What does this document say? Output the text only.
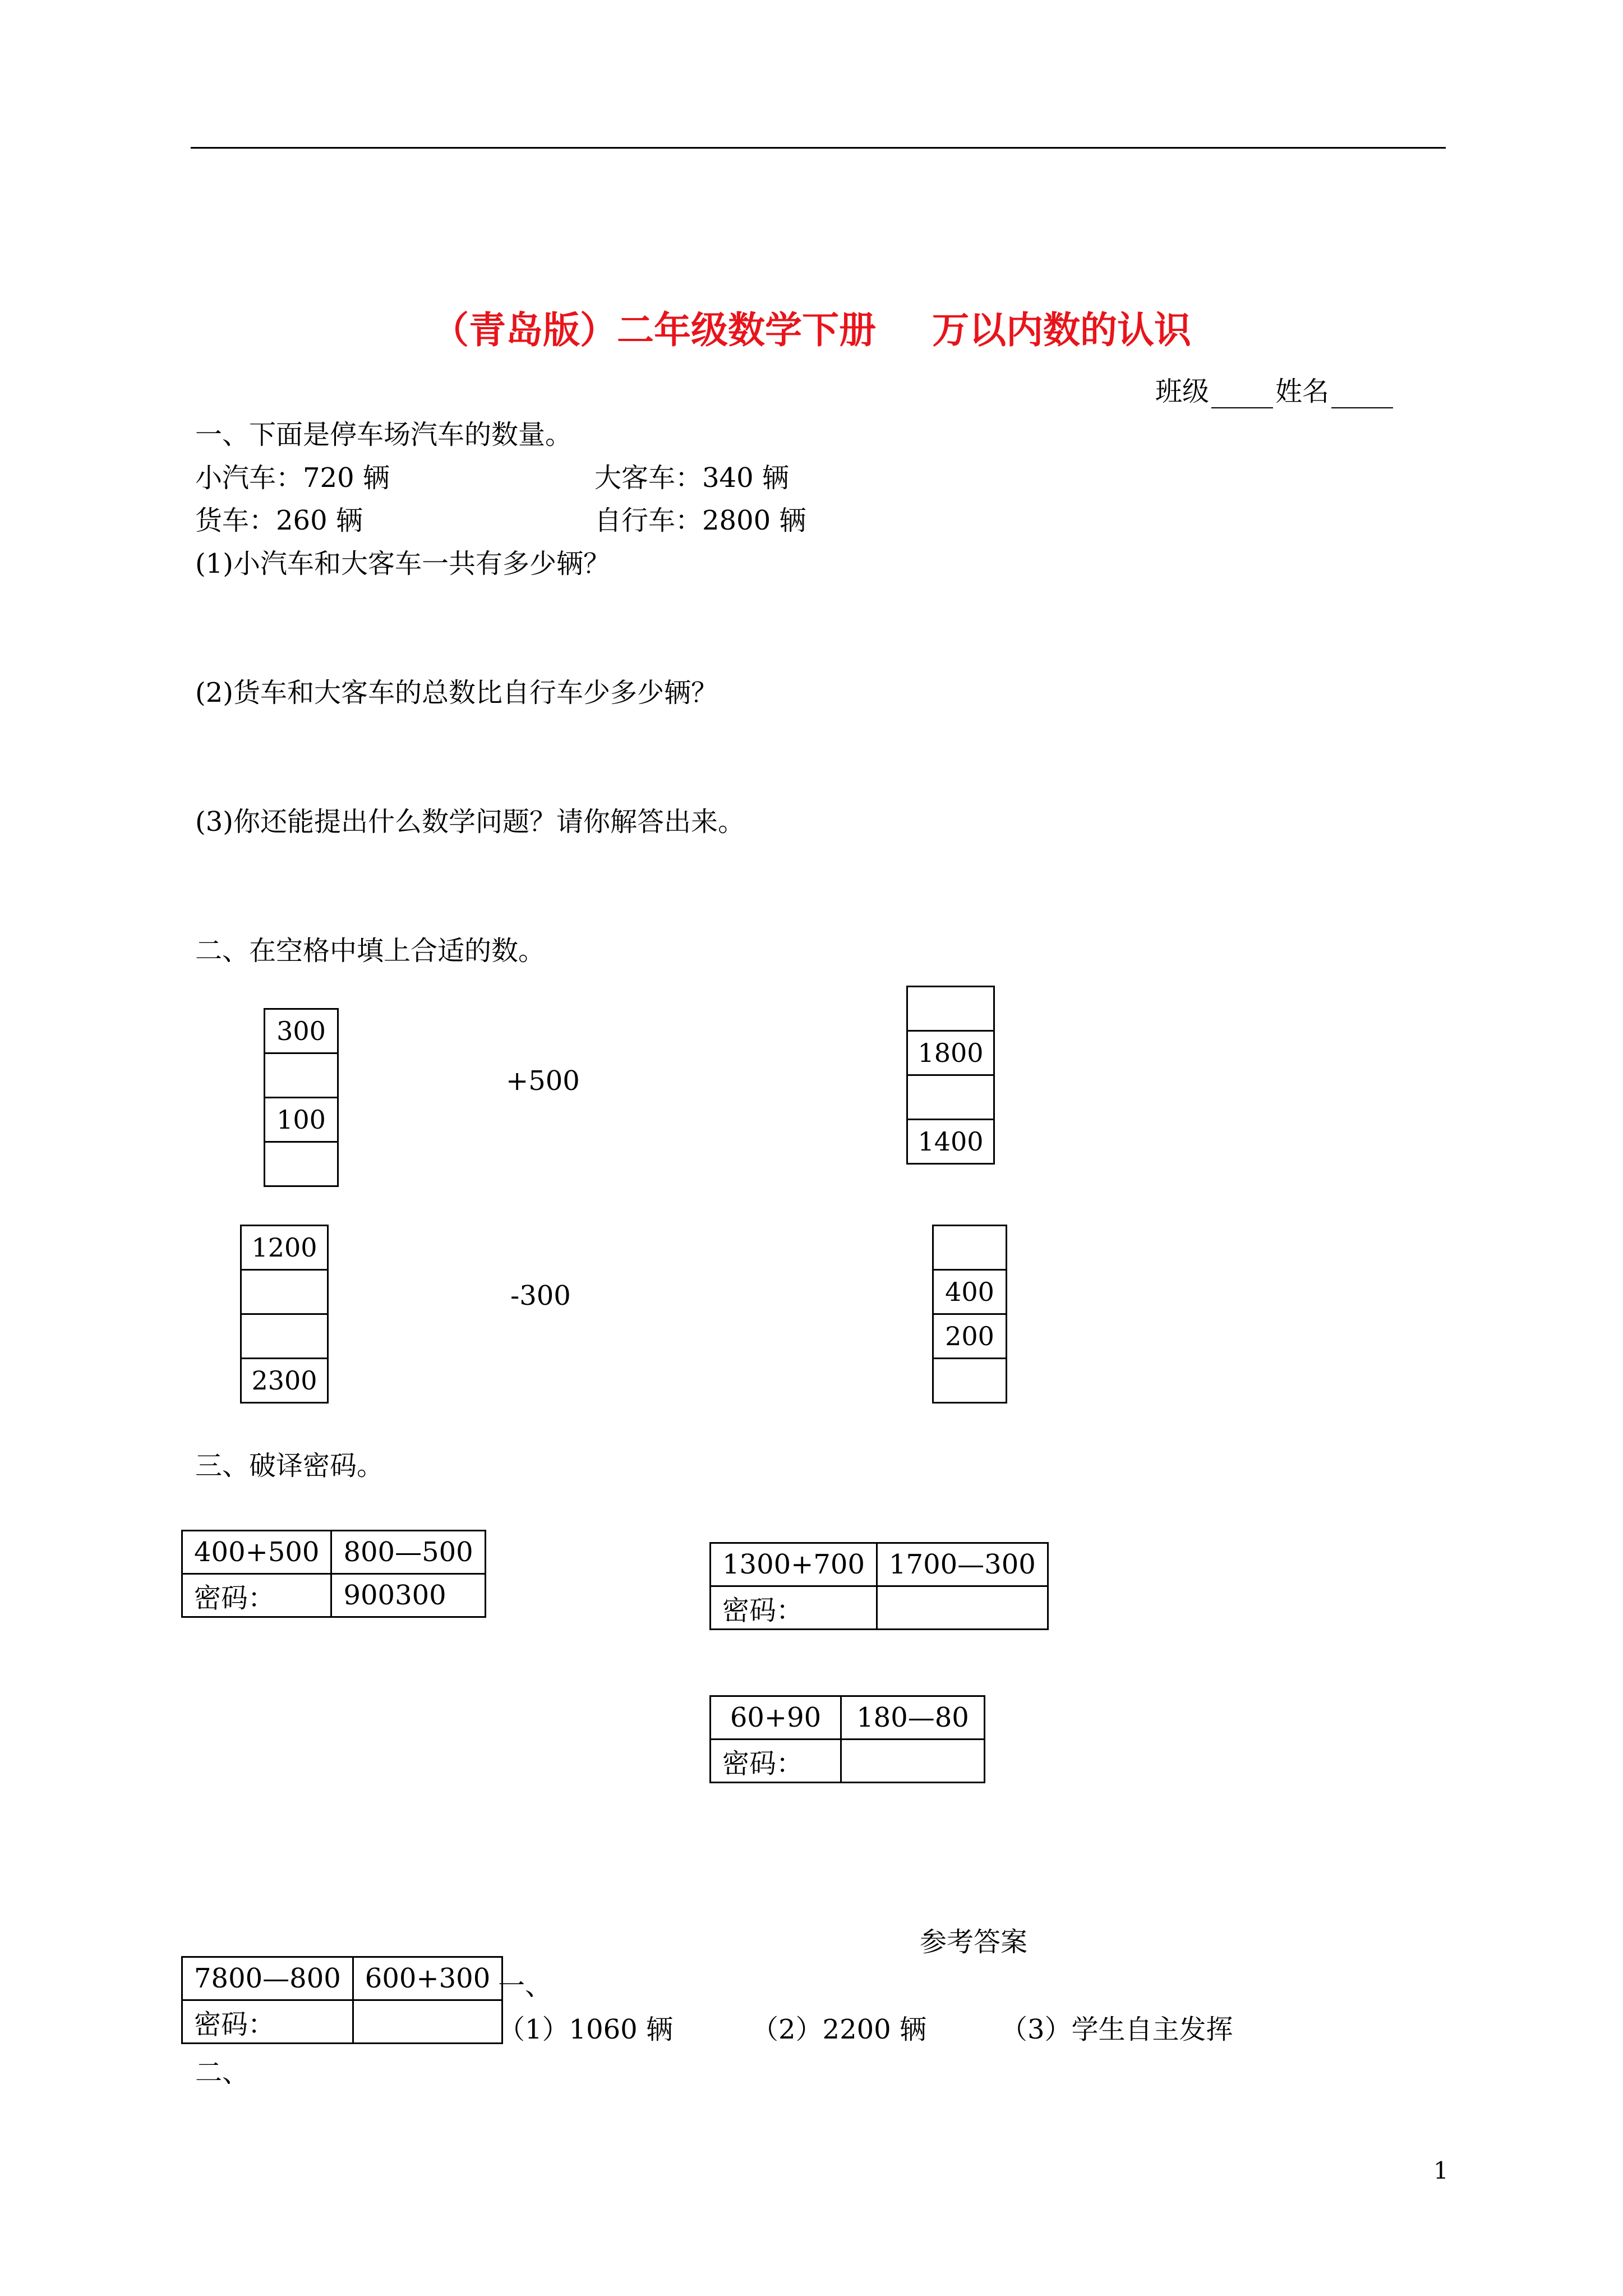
（青岛版）二年级数学下册 万以内数的认识
班级 姓名
一、下面是停车场汽车的数量。
小汽车：720 辆	大客车：340 辆
货车：260 辆	自行车：2800 辆
(1)小汽车和大客车一共有多少辆？
(2)货车和大客车的总数比自行车少多少辆？
(3)你还能提出什么数学问题？请你解答出来。
二、在空格中填上合适的数。
300
100
+500
1800
1400
1200
2300
-300	400
200
三、破译密码。
400+500	800—500
密码：	900300
1300+700	1700—300
密码：	
60+90	180—80
密码：	
参考答案
7800—800	600+300
密码：	
一、
（1）1060 辆	（2）2200 辆	（3）学生自主发挥
二、
1
